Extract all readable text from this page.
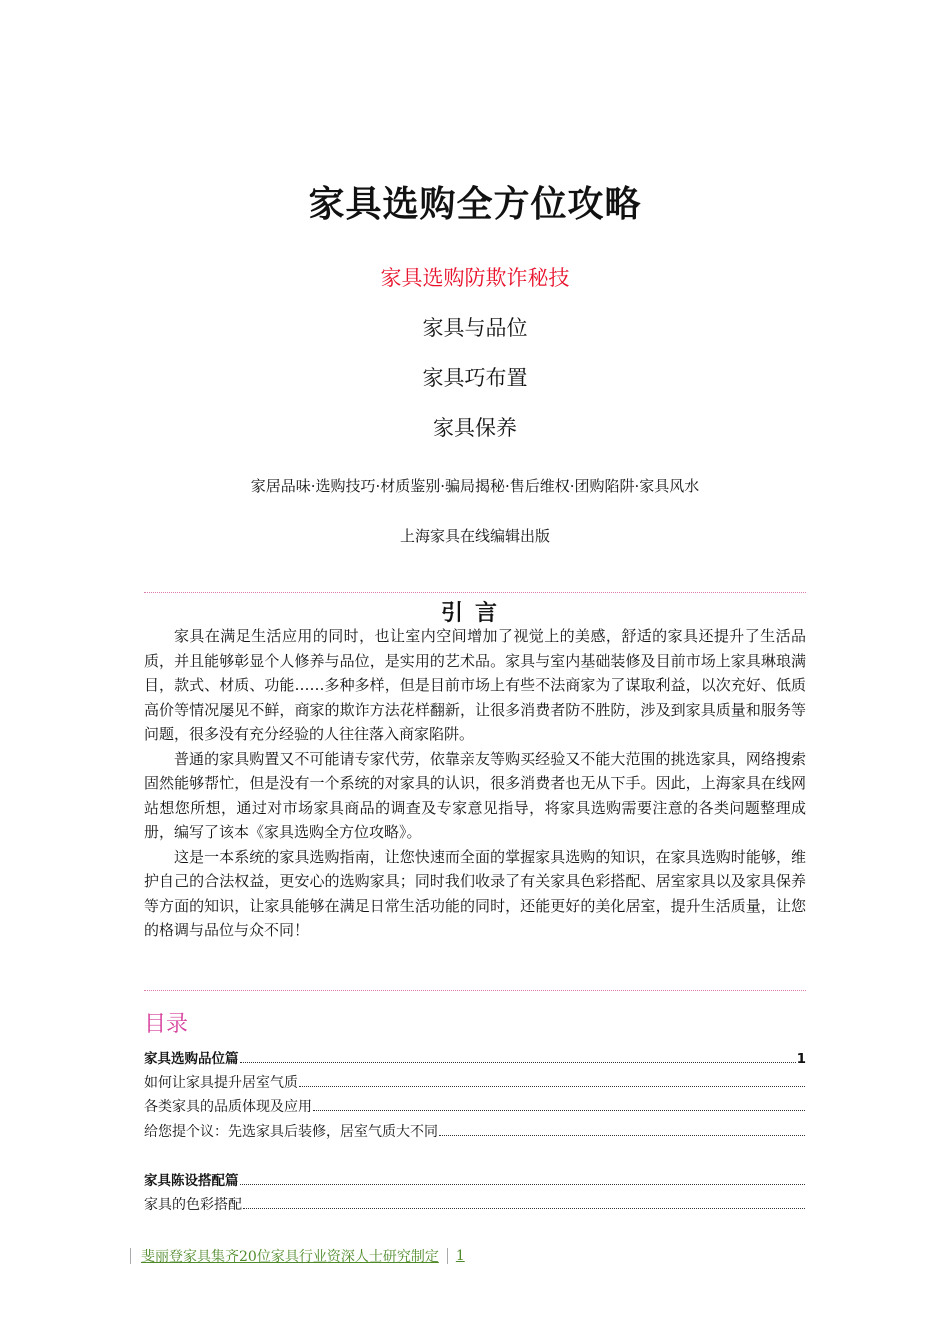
家具选购全方位攻略
家具选购防欺诈秘技
家具与品位
家具巧布置
家具保养
家居品味·选购技巧·材质鉴别·骗局揭秘·售后维权·团购陷阱·家具风水
上海家具在线编辑出版
引言

家具在满足生活应用的同时，也让室内空间增加了视觉上的美感，舒适的家具还提升了生活品质，并且能够彰显个人修养与品位，是实用的艺术品。家具与室内基础装修及目前市场上家具琳琅满目，款式、材质、功能……多种多样，但是目前市场上有些不法商家为了谋取利益，以次充好、低质高价等情况屡见不鲜，商家的欺诈方法花样翻新，让很多消费者防不胜防，涉及到家具质量和服务等问题，很多没有充分经验的人往往落入商家陷阱。

普通的家具购置又不可能请专家代劳，依靠亲友等购买经验又不能大范围的挑选家具，网络搜索固然能够帮忙，但是没有一个系统的对家具的认识，很多消费者也无从下手。因此，上海家具在线网站想您所想，通过对市场家具商品的调查及专家意见指导，将家具选购需要注意的各类问题整理成册，编写了该本《家具选购全方位攻略》。

这是一本系统的家具选购指南，让您快速而全面的掌握家具选购的知识，在家具选购时能够，维护自己的合法权益，更安心的选购家具；同时我们收录了有关家具色彩搭配、居室家具以及家具保养等方面的知识，让家具能够在满足日常生活功能的同时，还能更好的美化居室，提升生活质量，让您的格调与品位与众不同！

目录
家具选购品位篇	1
如何让家具提升居室气质
各类家具的品质体现及应用
给您提个议：先选家具后装修，居室气质大不同
家具陈设搭配篇
家具的色彩搭配
斐丽登家具集齐20位家具行业资深人士研究制定 1
